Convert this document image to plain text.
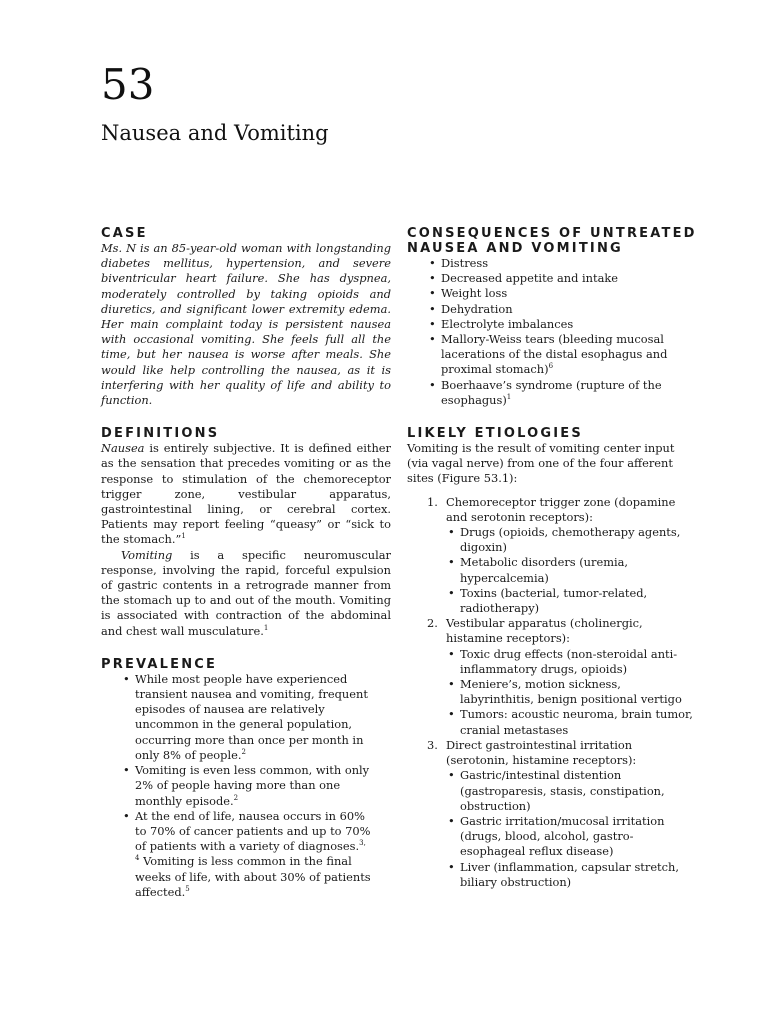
53
Nausea and Vomiting
CASE

Ms. N is an 85-year-old woman with longstanding diabetes mellitus, hypertension, and severe biventricular heart failure. She has dyspnea, moderately controlled by taking opioids and diuretics, and significant lower extremity edema. Her main complaint today is persistent nausea with occasional vomiting. She feels full all the time, but her nausea is worse after meals. She would like help controlling the nausea, as it is interfering with her quality of life and ability to function.

DEFINITIONS

Nausea is entirely subjective. It is defined either as the sensation that precedes vomiting or as the response to stimulation of the chemoreceptor trigger zone, vestibular apparatus, gastrointestinal lining, or cerebral cortex. Patients may report feeling “queasy” or “sick to the stomach.”$^1$

Vomiting is a specific neuromuscular response, involving the rapid, forceful expulsion of gastric contents in a retrograde manner from the stomach up to and out of the mouth. Vomiting is associated with contraction of the abdominal and chest wall musculature.$^1$

PREVALENCE
• While most people have experienced transient nausea and vomiting, frequent episodes of nausea are relatively uncommon in the general population, occurring more than once per month in only 8% of people.$^2$
• Vomiting is even less common, with only 2% of people having more than one monthly episode.$^2$
• At the end of life, nausea occurs in 60% to 70% of cancer patients and up to 70% of patients with a variety of diagnoses.$^{3, 4}$ Vomiting is less common in the final weeks of life, with about 30% of patients affected.$^5$
CONSEQUENCES OF UNTREATED
NAUSEA AND VOMITING
• Distress
• Decreased appetite and intake
• Weight loss
• Dehydration
• Electrolyte imbalances
• Mallory-Weiss tears (bleeding mucosal lacerations of the distal esophagus and proximal stomach)$^6$
• Boerhaave’s syndrome (rupture of the esophagus)$^1$
LIKELY ETIOLOGIES

Vomiting is the result of vomiting center input (via vagal nerve) from one of the four afferent sites (Figure 53.1):

1. Chemoreceptor trigger zone (dopamine and serotonin receptors):
• Drugs (opioids, chemotherapy agents, digoxin)
• Metabolic disorders (uremia, hypercalcemia)
• Toxins (bacterial, tumor-related, radiotherapy)
2. Vestibular apparatus (cholinergic, histamine receptors):
• Toxic drug effects (non-steroidal anti-inflammatory drugs, opioids)
• Meniere’s, motion sickness, labyrinthitis, benign positional vertigo
• Tumors: acoustic neuroma, brain tumor, cranial metastases
3. Direct gastrointestinal irritation (serotonin, histamine receptors):
• Gastric/intestinal distention (gastroparesis, stasis, constipation, obstruction)
• Gastric irritation/mucosal irritation (drugs, blood, alcohol, gastro-esophageal reflux disease)
• Liver (inflammation, capsular stretch, biliary obstruction)
